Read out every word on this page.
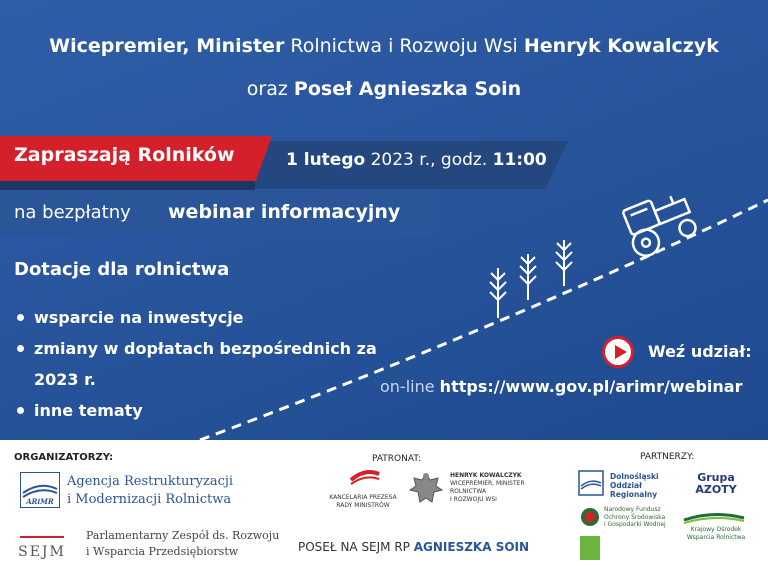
Wicepremier, Minister Rolnictwa i Rozwoju Wsi Henryk Kowalczyk
oraz Poseł Agnieszka Soin
Zapraszają Rolników	1 lutego 2023 r., godz. 11:00
na bezpłatny webinar informacyjny
Dotacje dla rolnictwa
wsparcie na inwestycje
zmiany w dopłatach bezpośrednich za 2023 r.
inne tematy
Weź udział:
on-line https://www.gov.pl/arimr/webinar
ORGANIZATORZY:
ARiMR
Agencja Restrukturyzacji
i Modernizacji Rolnictwa
SEJM
Parlamentarny Zespół ds. Rozwoju
i Wsparcia Przedsiębiorstw
PATRONAT:
KANCELARIA PREZESA
RADY MINISTRÓW
HENRYK KOWALCZYK
WICEPREMIER, MINISTER
ROLNICTWA
I ROZWOJU WSI
POSEŁ NA SEJM RP AGNIESZKA SOIN
PARTNERZY:
Dolnośląski
Oddział
Regionalny
Narodowy Fundusz
Ochrony Środowiska
i Gospodarki Wodnej
Grupa
AZOTY
Krajowy Ośrodek
Wsparcia Rolnictwa
